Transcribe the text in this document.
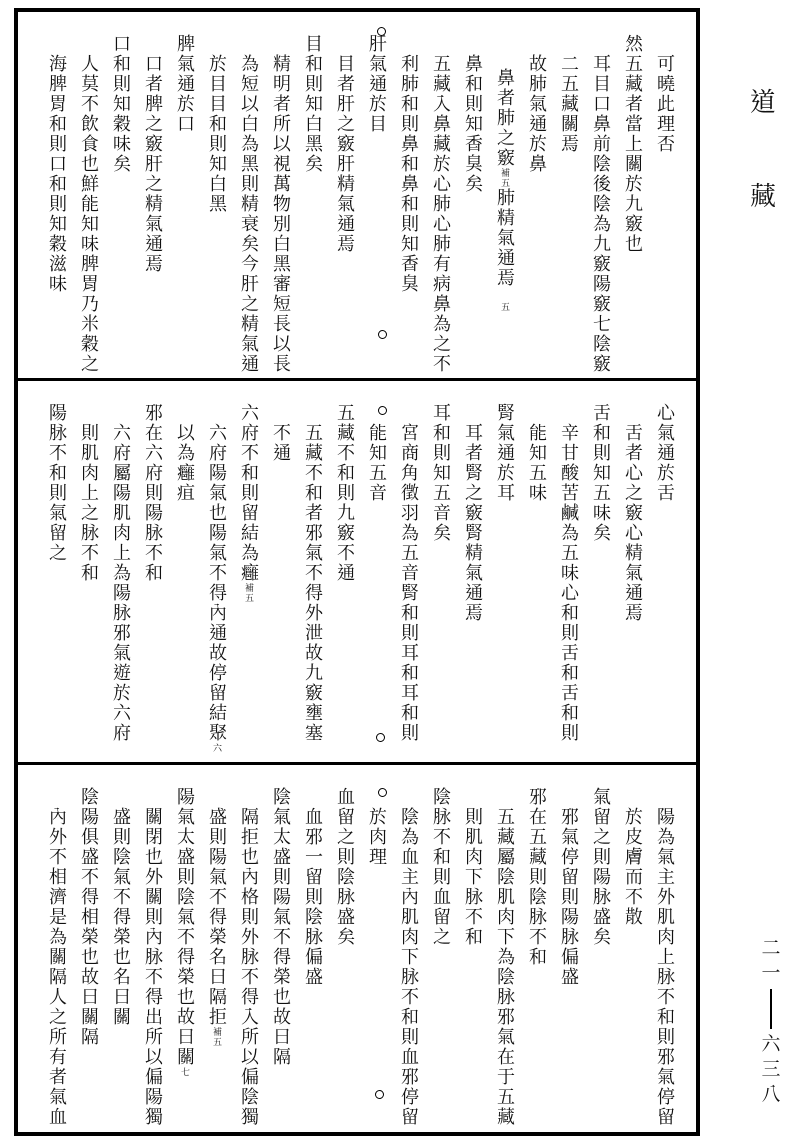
可曉此理否
然五藏者當上關於九竅也
耳目口鼻前陰後陰為九竅陽竅七陰竅
二五藏關焉
故肺氣通於鼻
鼻者肺之竅補五肺精氣通焉五
鼻和則知香臭矣
五藏入鼻藏於心肺心肺有病鼻為之不
利肺和則鼻和鼻和則知香臭
肝氣通於目
目者肝之竅肝精氣通焉
目和則知白黑矣
精明者所以視萬物別白黑審短長以長
為短以白為黑則精衰矣今肝之精氣通
於目目和則知白黑
脾氣通於口
口者脾之竅肝之精氣通焉
口和則知穀味矣
人莫不飲食也鮮能知味脾胃乃米穀之
海脾胃和則口和則知穀滋味
心氣通於舌
舌者心之竅心精氣通焉
舌和則知五味矣
辛甘酸苦鹹為五味心和則舌和舌和則
能知五味
腎氣通於耳
耳者腎之竅腎精氣通焉
耳和則知五音矣
宮商角徵羽為五音腎和則耳和耳和則
能知五音
五藏不和則九竅不通
五藏不和者邪氣不得外泄故九竅壅塞
不通
六府不和則留結為癰補五
六府陽氣也陽氣不得內通故停留結聚六
以為癰疽
邪在六府則陽脉不和
六府屬陽肌肉上為陽脉邪氣遊於六府
則肌肉上之脉不和
陽脉不和則氣留之
陽為氣主外肌肉上脉不和則邪氣停留
於皮膚而不散
氣留之則陽脉盛矣
邪氣停留則陽脉偏盛
邪在五藏則陰脉不和
五藏屬陰肌肉下為陰脉邪氣在于五藏
則肌肉下脉不和
陰脉不和則血留之
陰為血主內肌肉下脉不和則血邪停留
於肉理
血留之則陰脉盛矣
血邪一留則陰脉偏盛
陰氣太盛則陽氣不得榮也故曰隔
隔拒也內格則外脉不得入所以偏陰獨
盛則陽氣不得榮名曰隔拒補五
陽氣太盛則陰氣不得榮也故曰關七
關閉也外關則內脉不得出所以偏陽獨
盛則陰氣不得榮也名曰關
陰陽俱盛不得相榮也故曰關隔
內外不相濟是為關隔人之所有者氣血
道
藏
二
一
六
三
八
